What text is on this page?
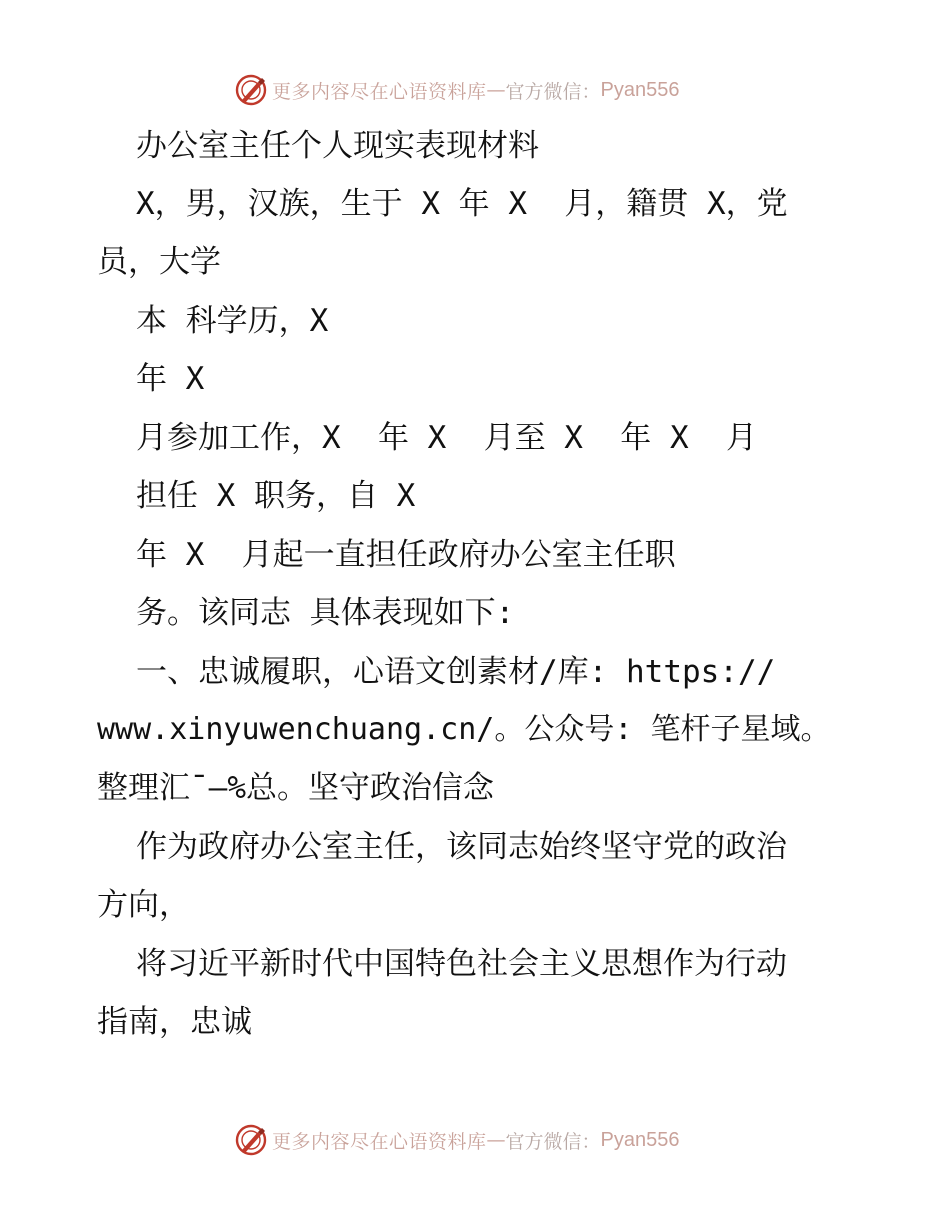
更多内容尽在心语资料库 — 官方微信： Pyan556
办公室主任个人现实表现材料
X，男，汉族，生于 X 年 X  月，籍贯 X，党
员，大学
本 科学历，X
年 X
月参加工作，X  年 X  月至 X  年 X  月
担任 X 职务，自 X
年 X  月起一直担任政府办公室主任职
务。该同志 具体表现如下:
一、忠诚履职，心语文创素材/库: https://
www.xinyuwenchuang.cn/。公众号: 笔杆子星域。
整理汇¯—%总。坚守政治信念
作为政府办公室主任，该同志始终坚守党的政治
方向，
将习近平新时代中国特色社会主义思想作为行动
指南，忠诚
更多内容尽在心语资料库 — 官方微信： Pyan556
